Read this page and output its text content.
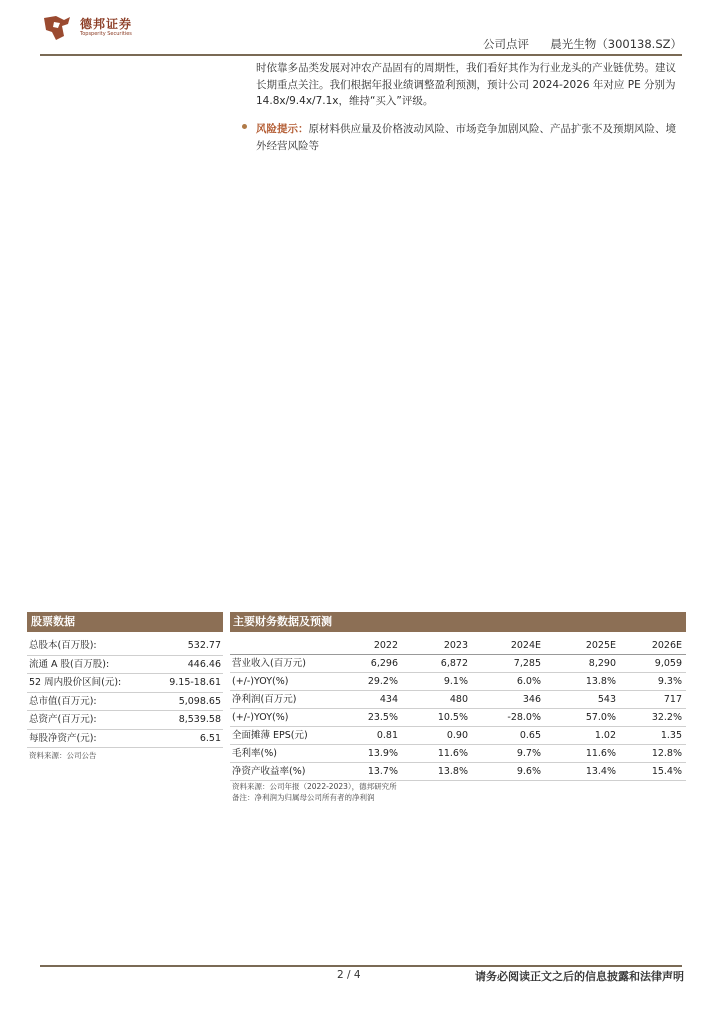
德邦证券
Topsperity Securities
公司点评 晨光生物（300138.SZ）
时依靠多品类发展对冲农产品固有的周期性，我们看好其作为行业龙头的产业链优势。建议长期重点关注。我们根据年报业绩调整盈利预测，预计公司 2024-2026 年对应 PE 分别为 14.8x/9.4x/7.1x，维持“买入”评级。
风险提示：原材料供应量及价格波动风险、市场竞争加剧风险、产品扩张不及预期风险、境外经营风险等
股票数据
总股本(百万股):	532.77
流通 A 股(百万股):	446.46
52 周内股价区间(元):	9.15-18.61
总市值(百万元):	5,098.65
总资产(百万元):	8,539.58
每股净资产(元):	6.51
资料来源：公司公告
主要财务数据及预测
2022	2023	2024E	2025E	2026E
营业收入(百万元)	6,296	6,872	7,285	8,290	9,059
(+/-)YOY(%)	29.2%	9.1%	6.0%	13.8%	9.3%
净利润(百万元)	434	480	346	543	717
(+/-)YOY(%)	23.5%	10.5%	-28.0%	57.0%	32.2%
全面摊薄 EPS(元)	0.81	0.90	0.65	1.02	1.35
毛利率(%)	13.9%	11.6%	9.7%	11.6%	12.8%
净资产收益率(%)	13.7%	13.8%	9.6%	13.4%	15.4%
资料来源：公司年报（2022-2023），德邦研究所
备注：净利润为归属母公司所有者的净利润
2 / 4	请务必阅读正文之后的信息披露和法律声明
